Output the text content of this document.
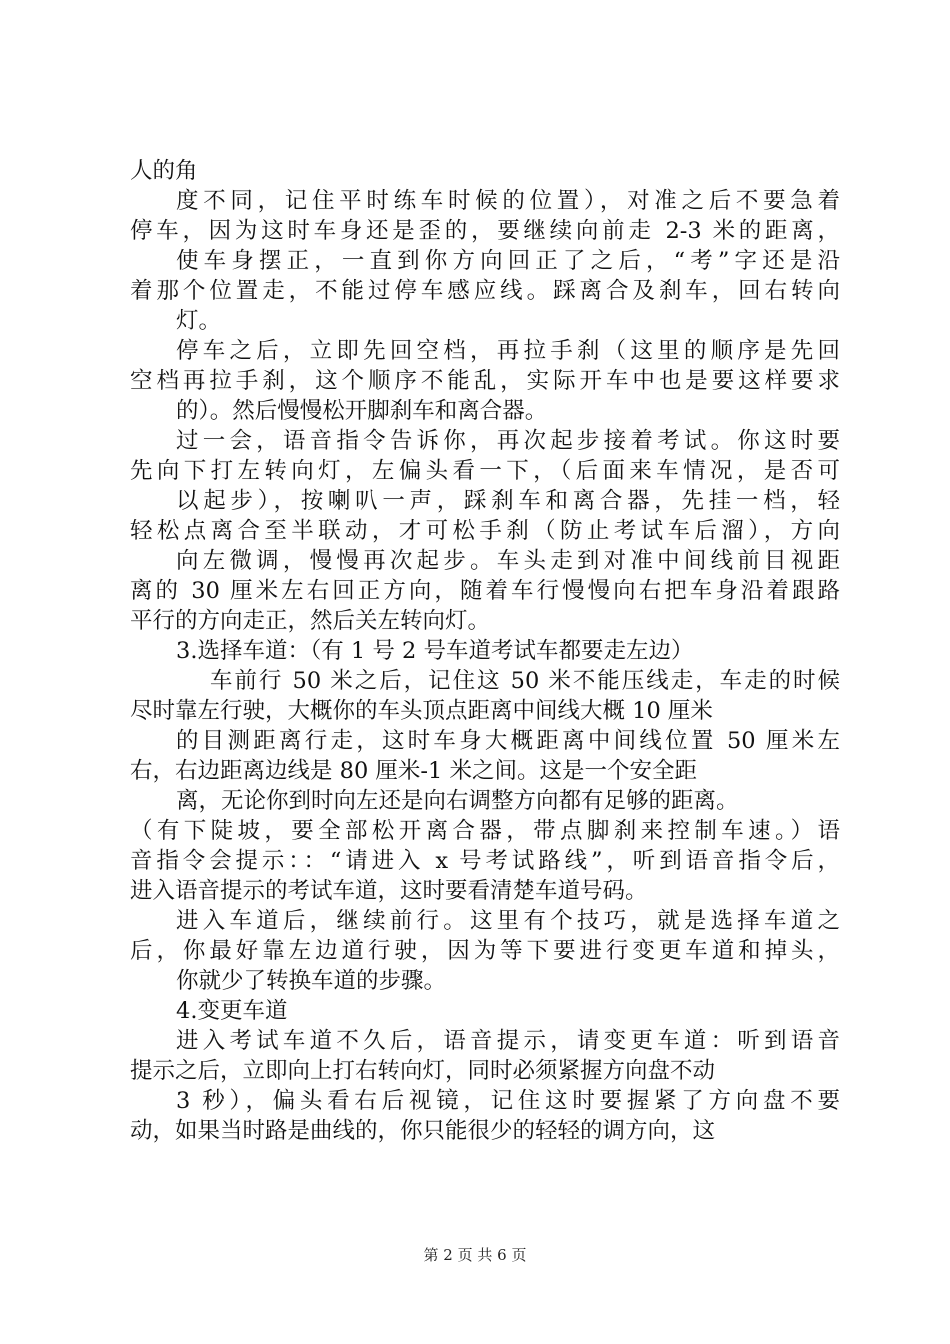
人的角
度不同，记住平时练车时候的位置），对准之后不要急着
停车，因为这时车身还是歪的，要继续向前走 2-3 米的距离，
使车身摆正，一直到你方向回正了之后，“考”字还是沿
着那个位置走，不能过停车感应线。踩离合及刹车，回右转向
灯。
停车之后，立即先回空档，再拉手刹（这里的顺序是先回
空档再拉手刹，这个顺序不能乱，实际开车中也是要这样要求
的）。然后慢慢松开脚刹车和离合器。
过一会，语音指令告诉你，再次起步接着考试。你这时要
先向下打左转向灯，左偏头看一下，（后面来车情况，是否可
以起步），按喇叭一声，踩刹车和离合器，先挂一档，轻
轻松点离合至半联动，才可松手刹（防止考试车后溜），方向
向左微调，慢慢再次起步。车头走到对准中间线前目视距
离的 30 厘米左右回正方向，随着车行慢慢向右把车身沿着跟路
平行的方向走正，然后关左转向灯。
3.选择车道：（有 1 号 2 号车道考试车都要走左边）
车前行 50 米之后，记住这 50 米不能压线走，车走的时候
尽时靠左行驶，大概你的车头顶点距离中间线大概 10 厘米
的目测距离行走，这时车身大概距离中间线位置 50 厘米左
右，右边距离边线是 80 厘米-1 米之间。这是一个安全距
离，无论你到时向左还是向右调整方向都有足够的距离。
（有下陡坡，要全部松开离合器，带点脚刹来控制车速。）语
音指令会提示：：“请进入 x 号考试路线”，听到语音指令后，
进入语音提示的考试车道，这时要看清楚车道号码。
进入车道后，继续前行。这里有个技巧，就是选择车道之
后，你最好靠左边道行驶，因为等下要进行变更车道和掉头，
你就少了转换车道的步骤。
4.变更车道
进入考试车道不久后，语音提示，请变更车道：听到语音
提示之后，立即向上打右转向灯，同时必须紧握方向盘不动
3 秒），偏头看右后视镜，记住这时要握紧了方向盘不要
动，如果当时路是曲线的，你只能很少的轻轻的调方向，这
第 2 页 共 6 页
